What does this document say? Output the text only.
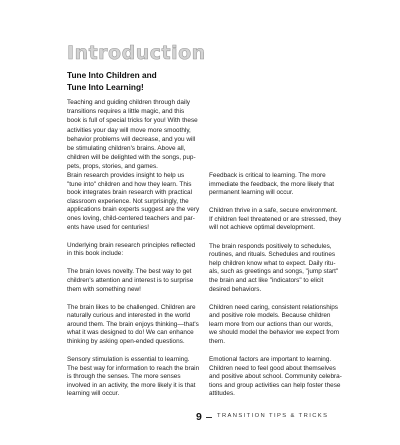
Introduction
Tune Into Children and
Tune Into Learning!
Teaching and guiding children through daily
transitions requires a little magic, and this
book is full of special tricks for you! With these
activities your day will move more smoothly,
behavior problems will decrease, and you will
be stimulating children's brains. Above all,
children will be delighted with the songs, pup-
pets, props, stories, and games.
Brain research provides insight to help us
"tune into" children and how they learn. This
book integrates brain research with practical
classroom experience. Not surprisingly, the
applications brain experts suggest are the very
ones loving, child-centered teachers and par-
ents have used for centuries!
Underlying brain research principles reflected
in this book include:
The brain loves novelty. The best way to get
children's attention and interest is to surprise
them with something new!
The brain likes to be challenged. Children are
naturally curious and interested in the world
around them. The brain enjoys thinking—that's
what it was designed to do! We can enhance
thinking by asking open-ended questions.
Sensory stimulation is essential to learning.
The best way for information to reach the brain
is through the senses. The more senses
involved in an activity, the more likely it is that
learning will occur.
Feedback is critical to learning. The more
immediate the feedback, the more likely that
permanent learning will occur.
Children thrive in a safe, secure environment.
If children feel threatened or are stressed, they
will not achieve optimal development.
The brain responds positively to schedules,
routines, and rituals. Schedules and routines
help children know what to expect. Daily ritu-
als, such as greetings and songs, "jump start"
the brain and act like "indicators" to elicit
desired behaviors.
Children need caring, consistent relationships
and positive role models. Because children
learn more from our actions than our words,
we should model the behavior we expect from
them.
Emotional factors are important to learning.
Children need to feel good about themselves
and positive about school. Community celebra-
tions and group activities can help foster these
attitudes.
9	TRANSITION TIPS & TRICKS
